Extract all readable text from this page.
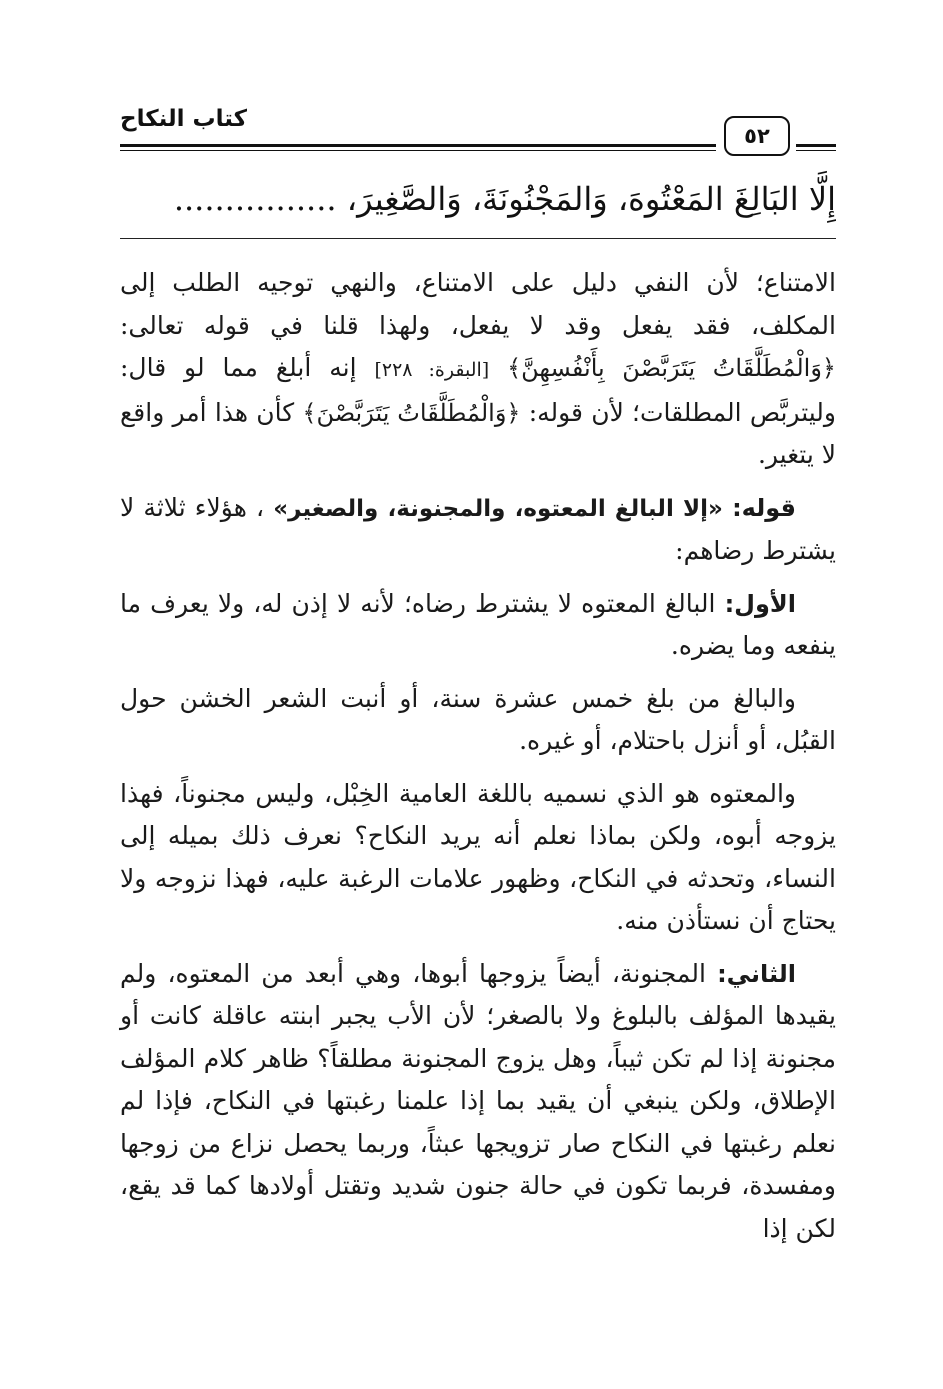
٥٢
كتاب النكاح
إِلَّا البَالِغَ المَعْتُوهَ، وَالمَجْنُونَةَ، وَالصَّغِيرَ، ................

الامتناع؛ لأن النفي دليل على الامتناع، والنهي توجيه الطلب إلى المكلف، فقد يفعل وقد لا يفعل، ولهذا قلنا في قوله تعالى: ﴿وَالْمُطَلَّقَاتُ يَتَرَبَّصْنَ بِأَنْفُسِهِنَّ﴾ [البقرة: ٢٢٨] إنه أبلغ مما لو قال: وليتربَّص المطلقات؛ لأن قوله: ﴿وَالْمُطَلَّقَاتُ يَتَرَبَّصْنَ﴾ كأن هذا أمر واقع لا يتغير.

قوله: «إلا البالغ المعتوه، والمجنونة، والصغير» ، هؤلاء ثلاثة لا يشترط رضاهم:

الأول: البالغ المعتوه لا يشترط رضاه؛ لأنه لا إذن له، ولا يعرف ما ينفعه وما يضره.

والبالغ من بلغ خمس عشرة سنة، أو أنبت الشعر الخشن حول القبُل، أو أنزل باحتلام، أو غيره.

والمعتوه هو الذي نسميه باللغة العامية الخِبْل، وليس مجنوناً، فهذا يزوجه أبوه، ولكن بماذا نعلم أنه يريد النكاح؟ نعرف ذلك بميله إلى النساء، وتحدثه في النكاح، وظهور علامات الرغبة عليه، فهذا نزوجه ولا يحتاج أن نستأذن منه.

الثاني: المجنونة، أيضاً يزوجها أبوها، وهي أبعد من المعتوه، ولم يقيدها المؤلف بالبلوغ ولا بالصغر؛ لأن الأب يجبر ابنته عاقلة كانت أو مجنونة إذا لم تكن ثيباً، وهل يزوج المجنونة مطلقاً؟ ظاهر كلام المؤلف الإطلاق، ولكن ينبغي أن يقيد بما إذا علمنا رغبتها في النكاح، فإذا لم نعلم رغبتها في النكاح صار تزويجها عبثاً، وربما يحصل نزاع من زوجها ومفسدة، فربما تكون في حالة جنون شديد وتقتل أولادها كما قد يقع، لكن إذا
